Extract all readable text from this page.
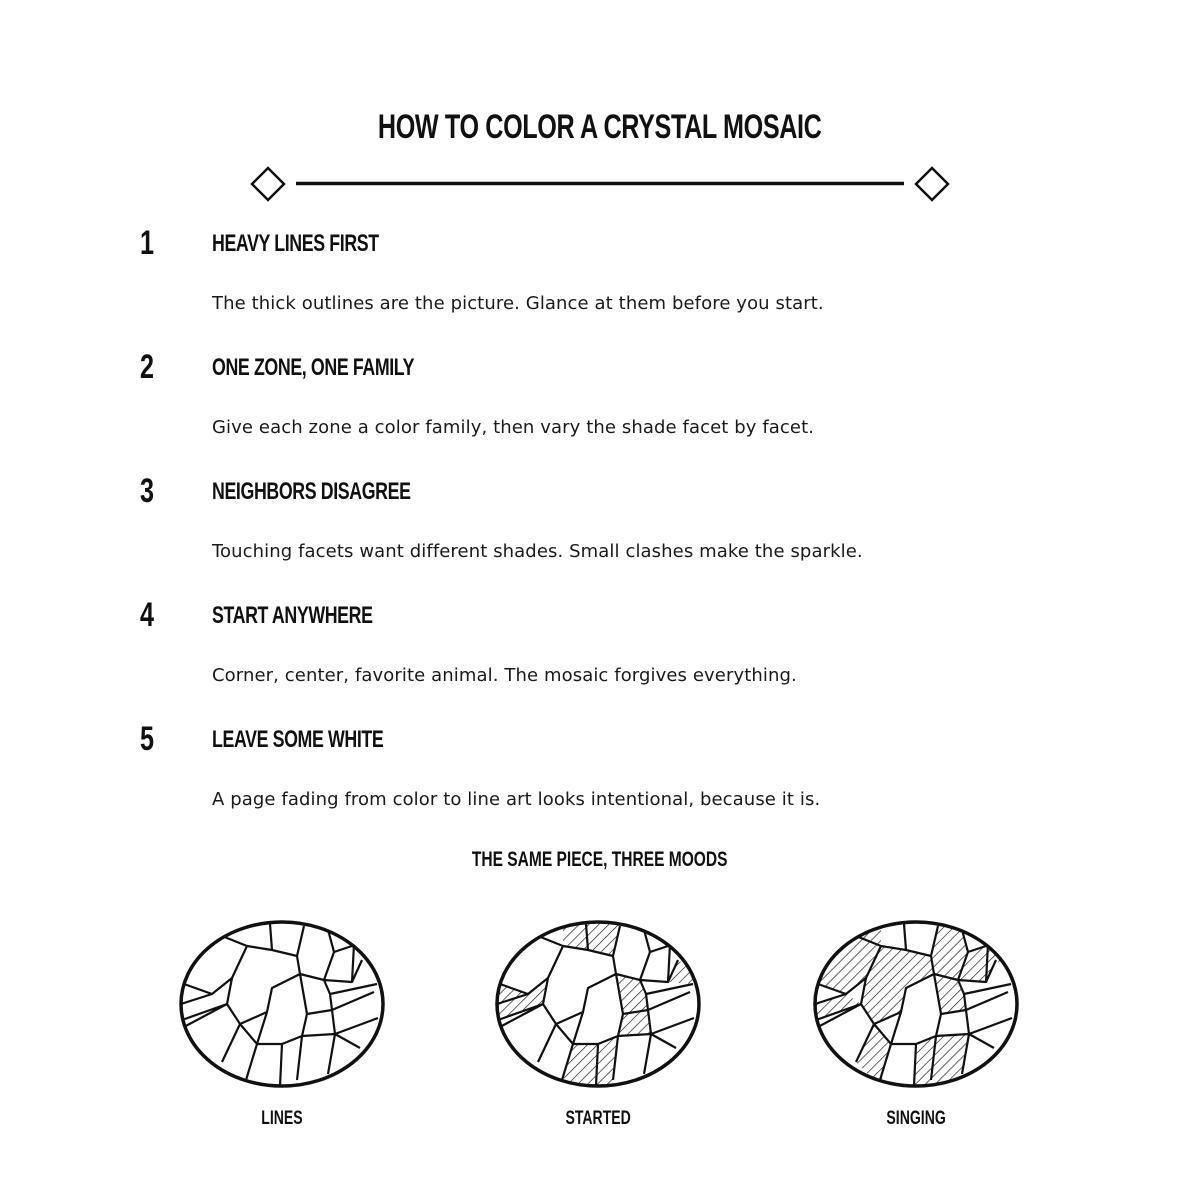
HOW TO COLOR A CRYSTAL MOSAIC
1 HEAVY LINES FIRST
The thick outlines are the picture. Glance at them before you start.
2 ONE ZONE, ONE FAMILY
Give each zone a color family, then vary the shade facet by facet.
3 NEIGHBORS DISAGREE
Touching facets want different shades. Small clashes make the sparkle.
4 START ANYWHERE
Corner, center, favorite animal. The mosaic forgives everything.
5 LEAVE SOME WHITE
A page fading from color to line art looks intentional, because it is.
THE SAME PIECE, THREE MOODS
LINES	STARTED	SINGING
